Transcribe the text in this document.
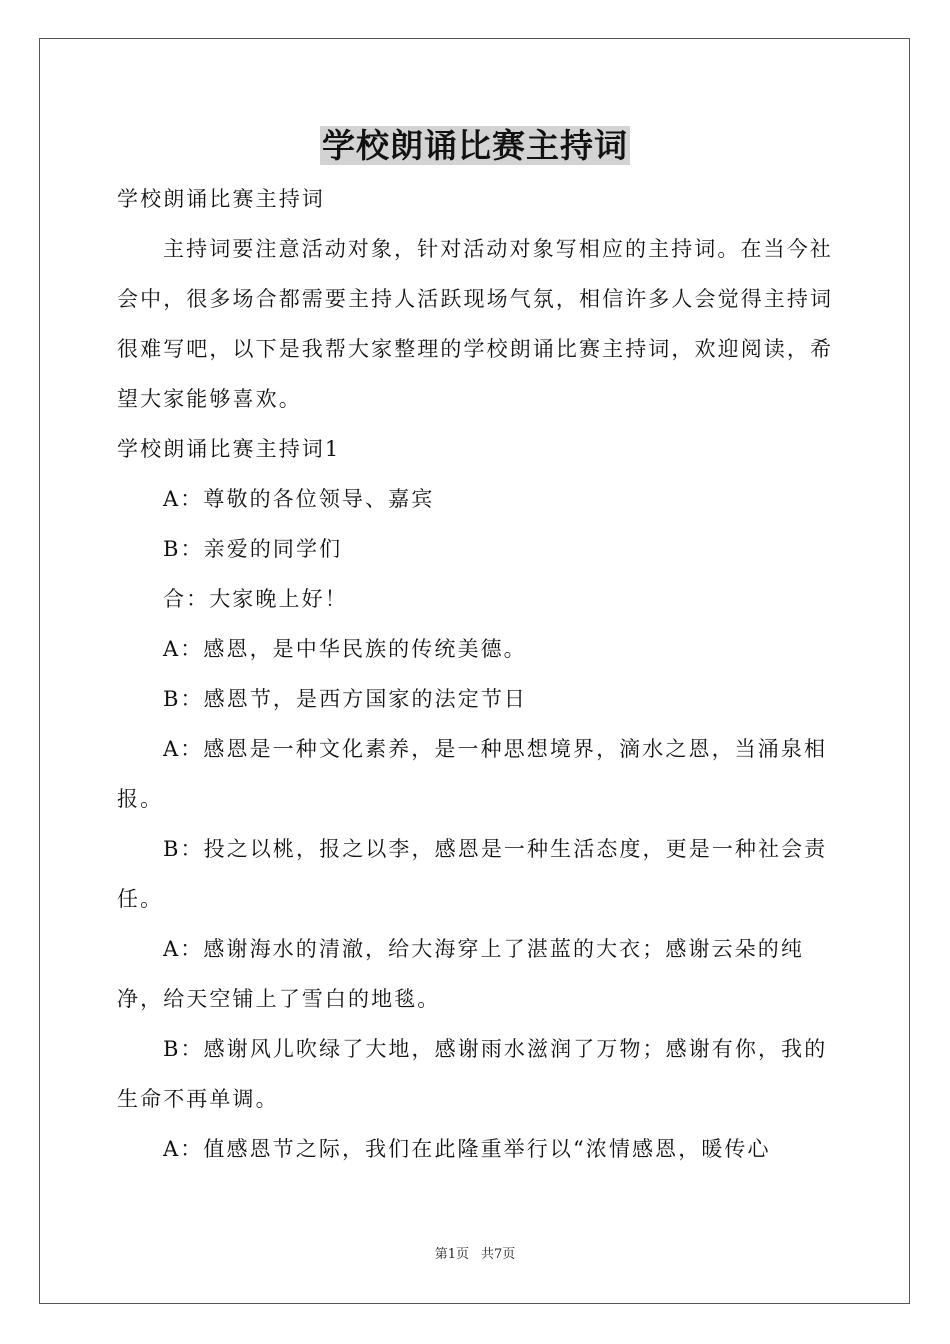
学校朗诵比赛主持词

学校朗诵比赛主持词

主持词要注意活动对象，针对活动对象写相应的主持词。在当今社会中，很多场合都需要主持人活跃现场气氛，相信许多人会觉得主持词很难写吧，以下是我帮大家整理的学校朗诵比赛主持词，欢迎阅读，希望大家能够喜欢。

学校朗诵比赛主持词1

A：尊敬的各位领导、嘉宾

B：亲爱的同学们

合：大家晚上好！

A：感恩，是中华民族的传统美德。

B：感恩节，是西方国家的法定节日

A：感恩是一种文化素养，是一种思想境界，滴水之恩，当涌泉相报。

B：投之以桃，报之以李，感恩是一种生活态度，更是一种社会责任。

A：感谢海水的清澈，给大海穿上了湛蓝的大衣；感谢云朵的纯净，给天空铺上了雪白的地毯。

B：感谢风儿吹绿了大地，感谢雨水滋润了万物；感谢有你，我的生命不再单调。

A：值感恩节之际，我们在此隆重举行以“浓情感恩，暖传心

第1页 共7页
